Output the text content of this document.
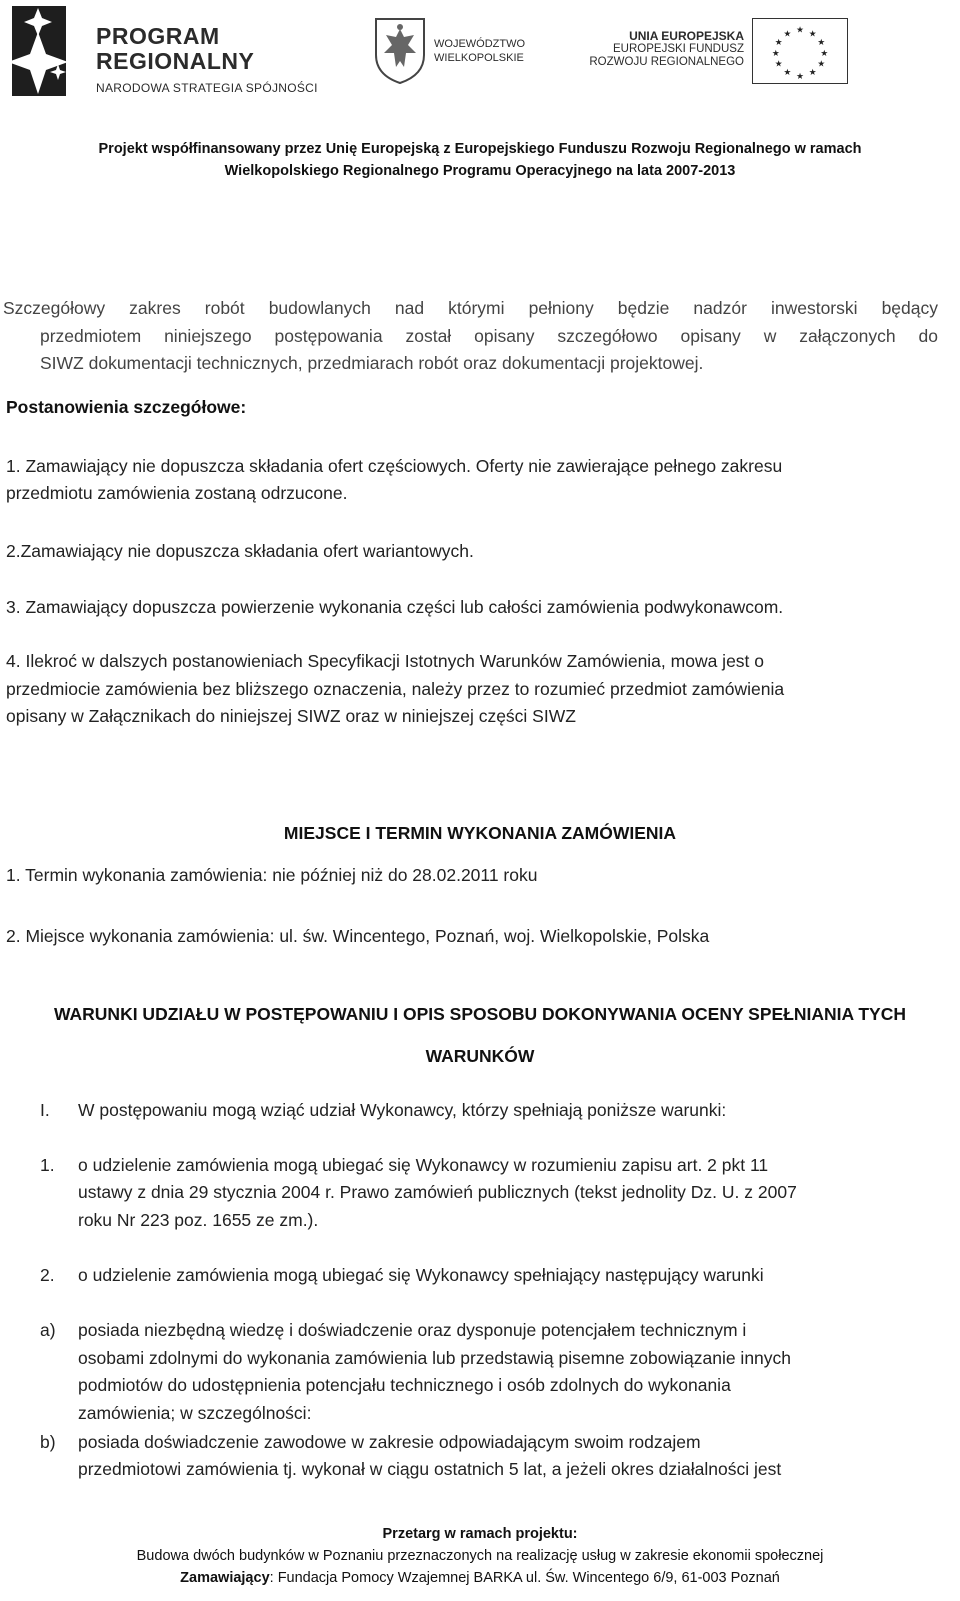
PROGRAM
REGIONALNY
NARODOWA STRATEGIA SPÓJNOŚCI
WOJEWÓDZTWO
WIELKOPOLSKIE
UNIA EUROPEJSKA
EUROPEJSKI FUNDUSZ
ROZWOJU REGIONALNEGO
★ ★
★
★
★
★
★
★
★
★
★
★
Projekt współfinansowany przez Unię Europejską z Europejskiego Funduszu Rozwoju Regionalnego w ramach
Wielkopolskiego Regionalnego Programu Operacyjnego na lata 2007-2013
Szczegółowy zakres robót budowlanych nad którymi pełniony będzie nadzór inwestorski będący
przedmiotem niniejszego postępowania został opisany szczegółowo opisany w załączonych do
SIWZ dokumentacji technicznych, przedmiarach robót oraz dokumentacji projektowej.
Postanowienia szczegółowe:
1. Zamawiający nie dopuszcza składania ofert częściowych. Oferty nie zawierające pełnego zakresu
przedmiotu zamówienia zostaną odrzucone.
2.Zamawiający nie dopuszcza składania ofert wariantowych.
3. Zamawiający dopuszcza powierzenie wykonania części lub całości zamówienia podwykonawcom.
4. Ilekroć w dalszych postanowieniach Specyfikacji Istotnych Warunków Zamówienia, mowa jest o
przedmiocie zamówienia bez bliższego oznaczenia, należy przez to rozumieć przedmiot zamówienia
opisany w Załącznikach do niniejszej SIWZ oraz w niniejszej części SIWZ
MIEJSCE I TERMIN WYKONANIA ZAMÓWIENIA
1. Termin wykonania zamówienia: nie później niż do 28.02.2011 roku
2. Miejsce wykonania zamówienia: ul. św. Wincentego, Poznań, woj. Wielkopolskie, Polska
WARUNKI UDZIAŁU W POSTĘPOWANIU I OPIS SPOSOBU DOKONYWANIA OCENY SPEŁNIANIA TYCH
WARUNKÓW
I. W postępowaniu mogą wziąć udział Wykonawcy, którzy spełniają poniższe warunki:
1. o udzielenie zamówienia mogą ubiegać się Wykonawcy w rozumieniu zapisu art. 2 pkt 11
ustawy z dnia 29 stycznia 2004 r. Prawo zamówień publicznych (tekst jednolity Dz. U. z 2007
roku Nr 223 poz. 1655 ze zm.).
2. o udzielenie zamówienia mogą ubiegać się Wykonawcy spełniający następujący warunki
a) posiada niezbędną wiedzę i doświadczenie oraz dysponuje potencjałem technicznym i
osobami zdolnymi do wykonania zamówienia lub przedstawią pisemne zobowiązanie innych
podmiotów do udostępnienia potencjału technicznego i osób zdolnych do wykonania
zamówienia; w szczególności:
b) posiada doświadczenie zawodowe w zakresie odpowiadającym swoim rodzajem
przedmiotowi zamówienia tj. wykonał w ciągu ostatnich 5 lat, a jeżeli okres działalności jest
Przetarg w ramach projektu:
Budowa dwóch budynków w Poznaniu przeznaczonych na realizację usług w zakresie ekonomii społecznej
Zamawiający: Fundacja Pomocy Wzajemnej BARKA ul. Św. Wincentego 6/9, 61-003 Poznań
